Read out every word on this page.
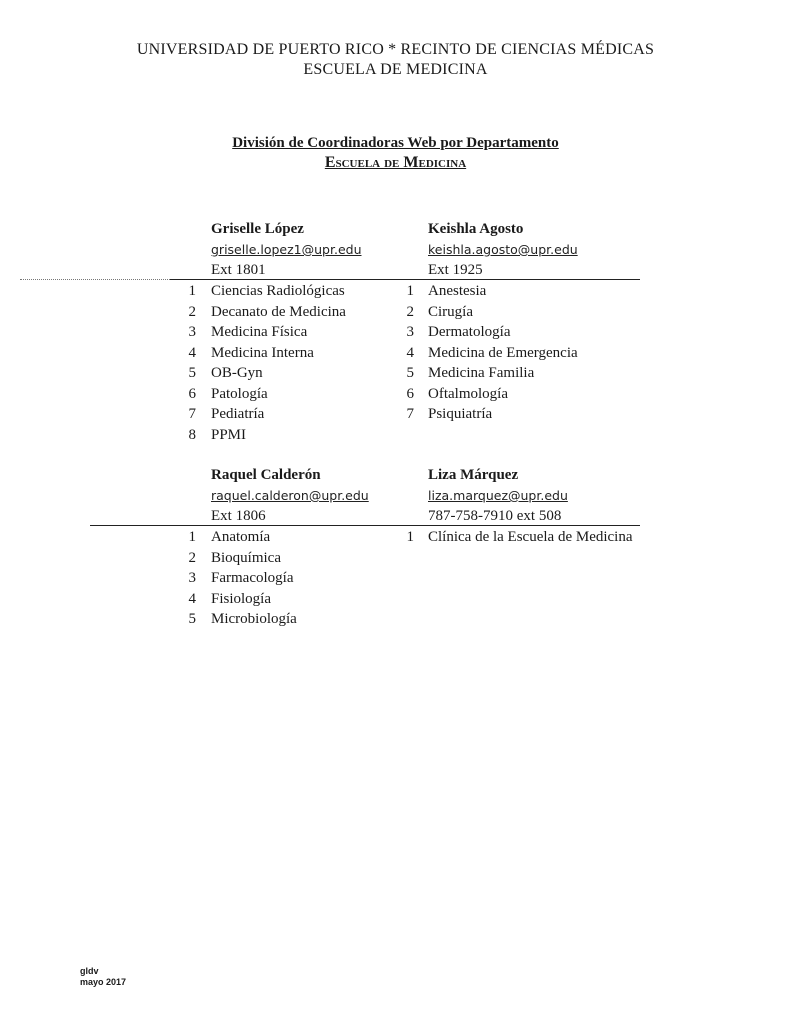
UNIVERSIDAD DE PUERTO RICO * RECINTO DE CIENCIAS MÉDICAS
ESCUELA DE MEDICINA
División de Coordinadoras Web por Departamento
Escuela de Medicina
Griselle López
griselle.lopez1@upr.edu
Ext 1801
Keishla Agosto
keishla.agosto@upr.edu
Ext 1925
1 Ciencias Radiológicas
2 Decanato de Medicina
3 Medicina Física
4 Medicina Interna
5 OB-Gyn
6 Patología
7 Pediatría
8 PPMI
1 Anestesia
2 Cirugía
3 Dermatología
4 Medicina de Emergencia
5 Medicina Familia
6 Oftalmología
7 Psiquiatría
Raquel Calderón
raquel.calderon@upr.edu
Ext 1806
Liza Márquez
liza.marquez@upr.edu
787-758-7910 ext 508
1 Anatomía
2 Bioquímica
3 Farmacología
4 Fisiología
5 Microbiología
1 Clínica de la Escuela de Medicina
gldv
mayo 2017
